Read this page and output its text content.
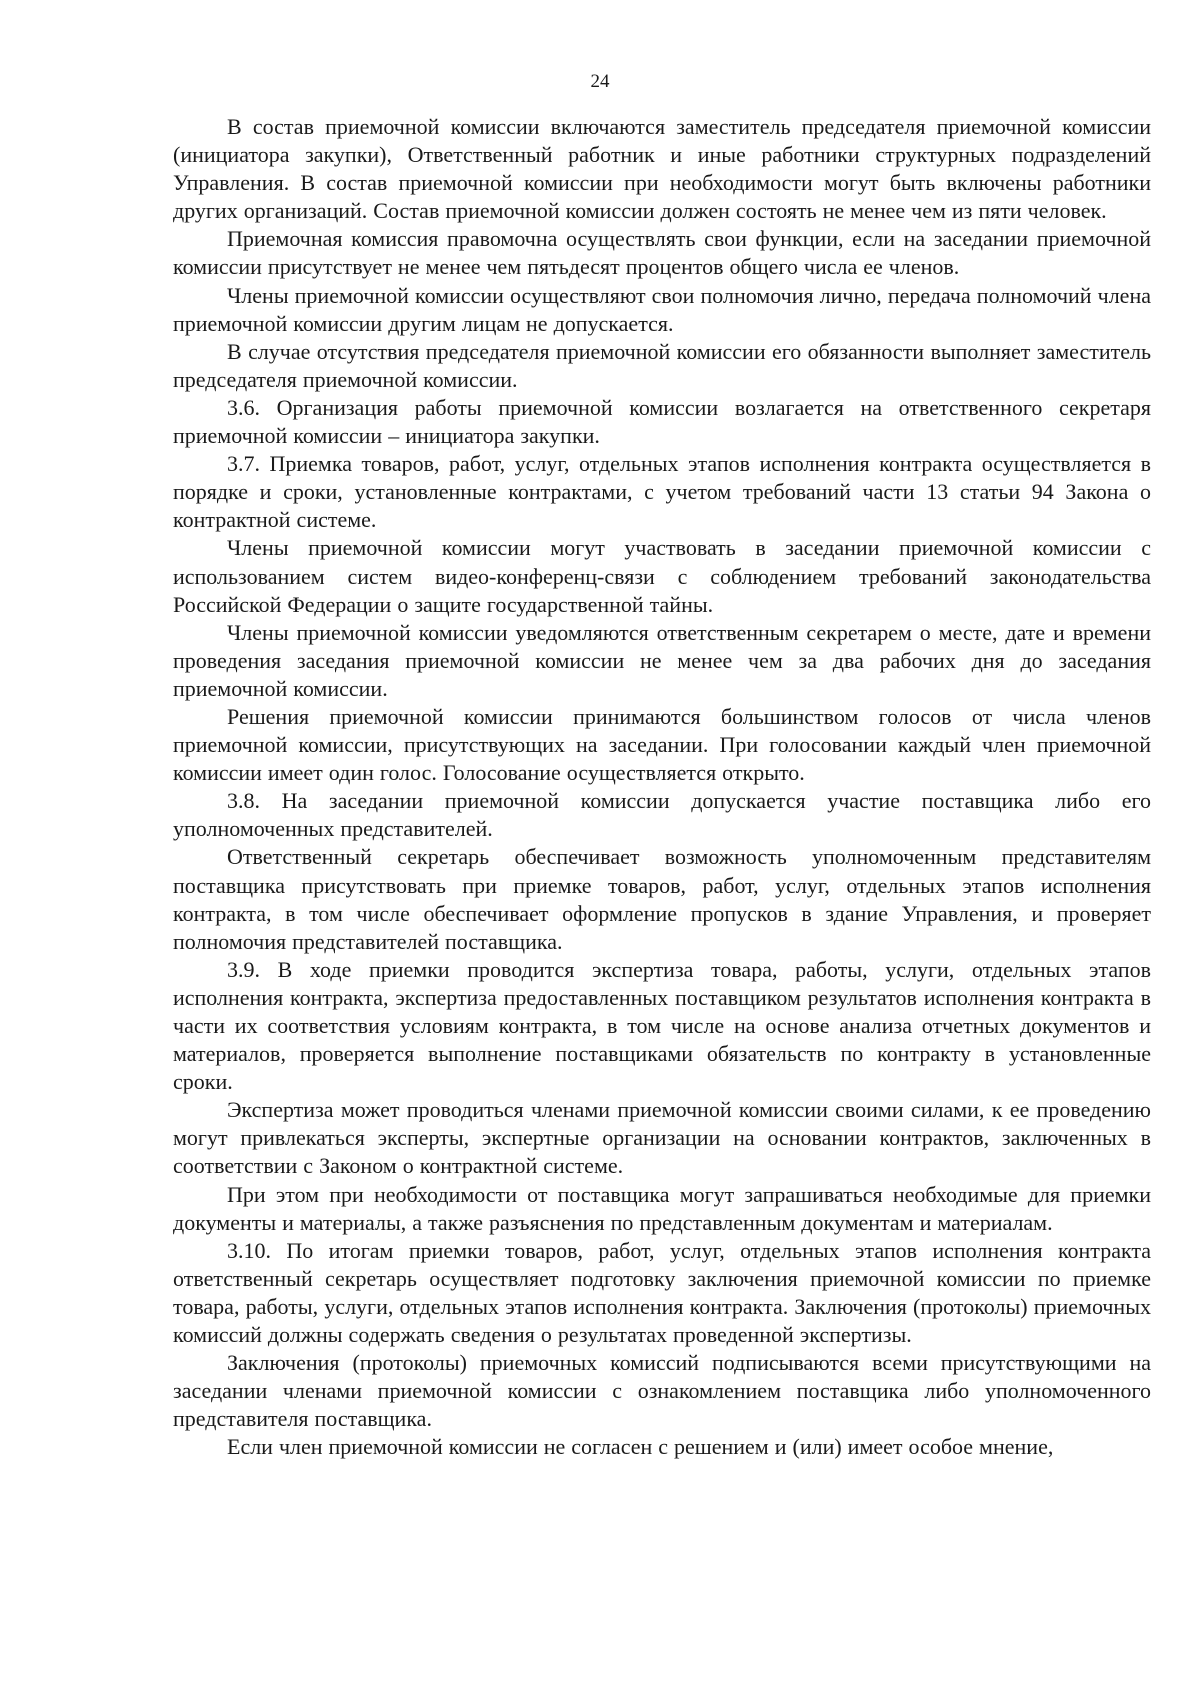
24

В состав приемочной комиссии включаются заместитель председателя приемочной комиссии (инициатора закупки), Ответственный работник и иные работники структурных подразделений Управления. В состав приемочной комиссии при необходимости могут быть включены работники других организаций. Состав приемочной комиссии должен состоять не менее чем из пяти человек.

Приемочная комиссия правомочна осуществлять свои функции, если на заседании приемочной комиссии присутствует не менее чем пятьдесят процентов общего числа ее членов.

Члены приемочной комиссии осуществляют свои полномочия лично, передача полномочий члена приемочной комиссии другим лицам не допускается.

В случае отсутствия председателя приемочной комиссии его обязанности выполняет заместитель председателя приемочной комиссии.

3.6. Организация работы приемочной комиссии возлагается на ответственного секретаря приемочной комиссии – инициатора закупки.

3.7. Приемка товаров, работ, услуг, отдельных этапов исполнения контракта осуществляется в порядке и сроки, установленные контрактами, с учетом требований части 13 статьи 94 Закона о контрактной системе.

Члены приемочной комиссии могут участвовать в заседании приемочной комиссии с использованием систем видео-конференц-связи с соблюдением требований законодательства Российской Федерации о защите государственной тайны.

Члены приемочной комиссии уведомляются ответственным секретарем о месте, дате и времени проведения заседания приемочной комиссии не менее чем за два рабочих дня до заседания приемочной комиссии.

Решения приемочной комиссии принимаются большинством голосов от числа членов приемочной комиссии, присутствующих на заседании. При голосовании каждый член приемочной комиссии имеет один голос. Голосование осуществляется открыто.

3.8. На заседании приемочной комиссии допускается участие поставщика либо его уполномоченных представителей.

Ответственный секретарь обеспечивает возможность уполномоченным представителям поставщика присутствовать при приемке товаров, работ, услуг, отдельных этапов исполнения контракта, в том числе обеспечивает оформление пропусков в здание Управления, и проверяет полномочия представителей поставщика.

3.9. В ходе приемки проводится экспертиза товара, работы, услуги, отдельных этапов исполнения контракта, экспертиза предоставленных поставщиком результатов исполнения контракта в части их соответствия условиям контракта, в том числе на основе анализа отчетных документов и материалов, проверяется выполнение поставщиками обязательств по контракту в установленные сроки.

Экспертиза может проводиться членами приемочной комиссии своими силами, к ее проведению могут привлекаться эксперты, экспертные организации на основании контрактов, заключенных в соответствии с Законом о контрактной системе.

При этом при необходимости от поставщика могут запрашиваться необходимые для приемки документы и материалы, а также разъяснения по представленным документам и материалам.

3.10. По итогам приемки товаров, работ, услуг, отдельных этапов исполнения контракта ответственный секретарь осуществляет подготовку заключения приемочной комиссии по приемке товара, работы, услуги, отдельных этапов исполнения контракта. Заключения (протоколы) приемочных комиссий должны содержать сведения о результатах проведенной экспертизы.

Заключения (протоколы) приемочных комиссий подписываются всеми присутствующими на заседании членами приемочной комиссии с ознакомлением поставщика либо уполномоченного представителя поставщика.

Если член приемочной комиссии не согласен с решением и (или) имеет особое мнение,
